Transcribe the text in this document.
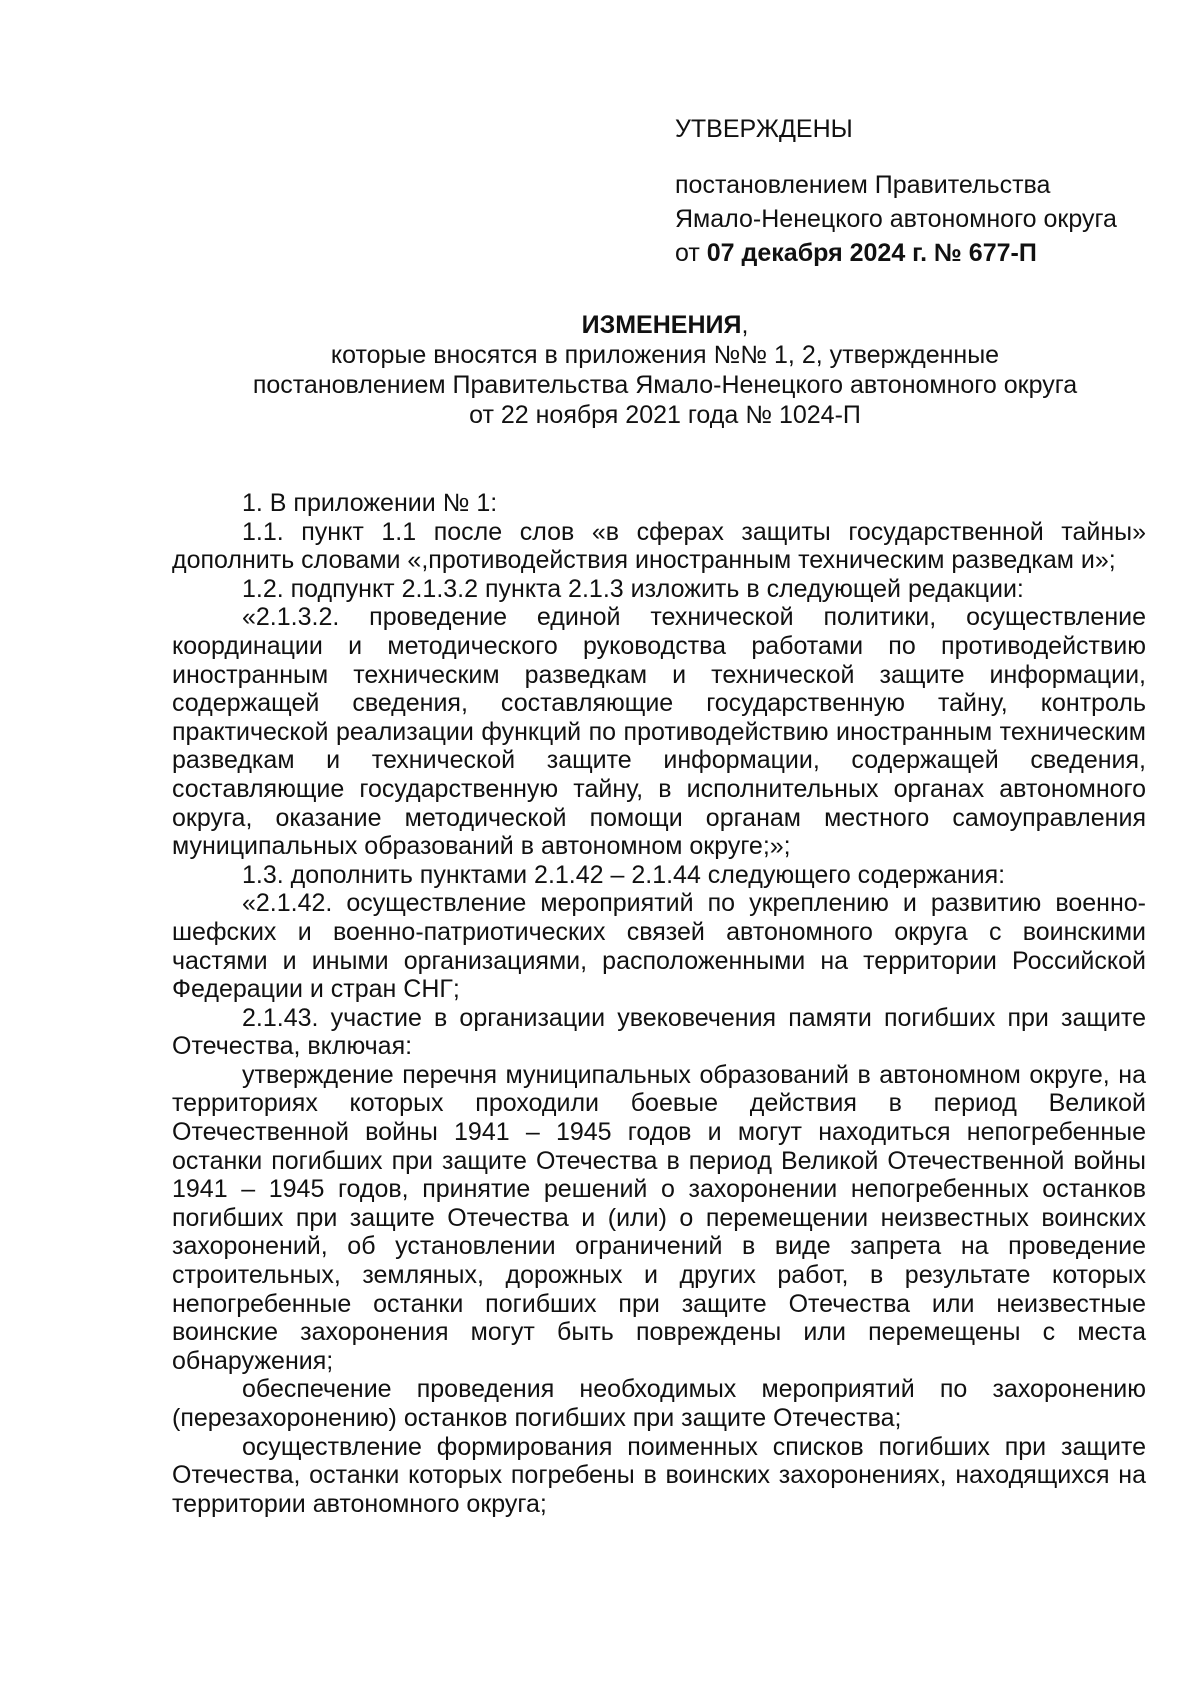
УТВЕРЖДЕНЫ
постановлением Правительства
Ямало-Ненецкого автономного округа
от 07 декабря 2024 г. № 677-П
ИЗМЕНЕНИЯ,
которые вносятся в приложения №№ 1, 2, утвержденные
постановлением Правительства Ямало-Ненецкого автономного округа
от 22 ноября 2021 года № 1024-П

1. В приложении № 1:

1.1. пункт 1.1 после слов «в сферах защиты государственной тайны» дополнить словами «,противодействия иностранным техническим разведкам и»;

1.2. подпункт 2.1.3.2 пункта 2.1.3 изложить в следующей редакции:

«2.1.3.2. проведение единой технической политики, осуществление координации и методического руководства работами по противодействию иностранным техническим разведкам и технической защите информации, содержащей сведения, составляющие государственную тайну, контроль практической реализации функций по противодействию иностранным техническим разведкам и технической защите информации, содержащей сведения, составляющие государственную тайну, в исполнительных органах автономного округа, оказание методической помощи органам местного самоуправления муниципальных образований в автономном округе;»;

1.3. дополнить пунктами 2.1.42 – 2.1.44 следующего содержания:

«2.1.42. осуществление мероприятий по укреплению и развитию военно-шефских и военно-патриотических связей автономного округа с воинскими частями и иными организациями, расположенными на территории Российской Федерации и стран СНГ;

2.1.43. участие в организации увековечения памяти погибших при защите Отечества, включая:

утверждение перечня муниципальных образований в автономном округе, на территориях которых проходили боевые действия в период Великой Отечественной войны 1941 – 1945 годов и могут находиться непогребенные останки погибших при защите Отечества в период Великой Отечественной войны 1941 – 1945 годов, принятие решений о захоронении непогребенных останков погибших при защите Отечества и (или) о перемещении неизвестных воинских захоронений, об установлении ограничений в виде запрета на проведение строительных, земляных, дорожных и других работ, в результате которых непогребенные останки погибших при защите Отечества или неизвестные воинские захоронения могут быть повреждены или перемещены с места обнаружения;

обеспечение проведения необходимых мероприятий по захоронению (перезахоронению) останков погибших при защите Отечества;

осуществление формирования поименных списков погибших при защите Отечества, останки которых погребены в воинских захоронениях, находящихся на территории автономного округа;
